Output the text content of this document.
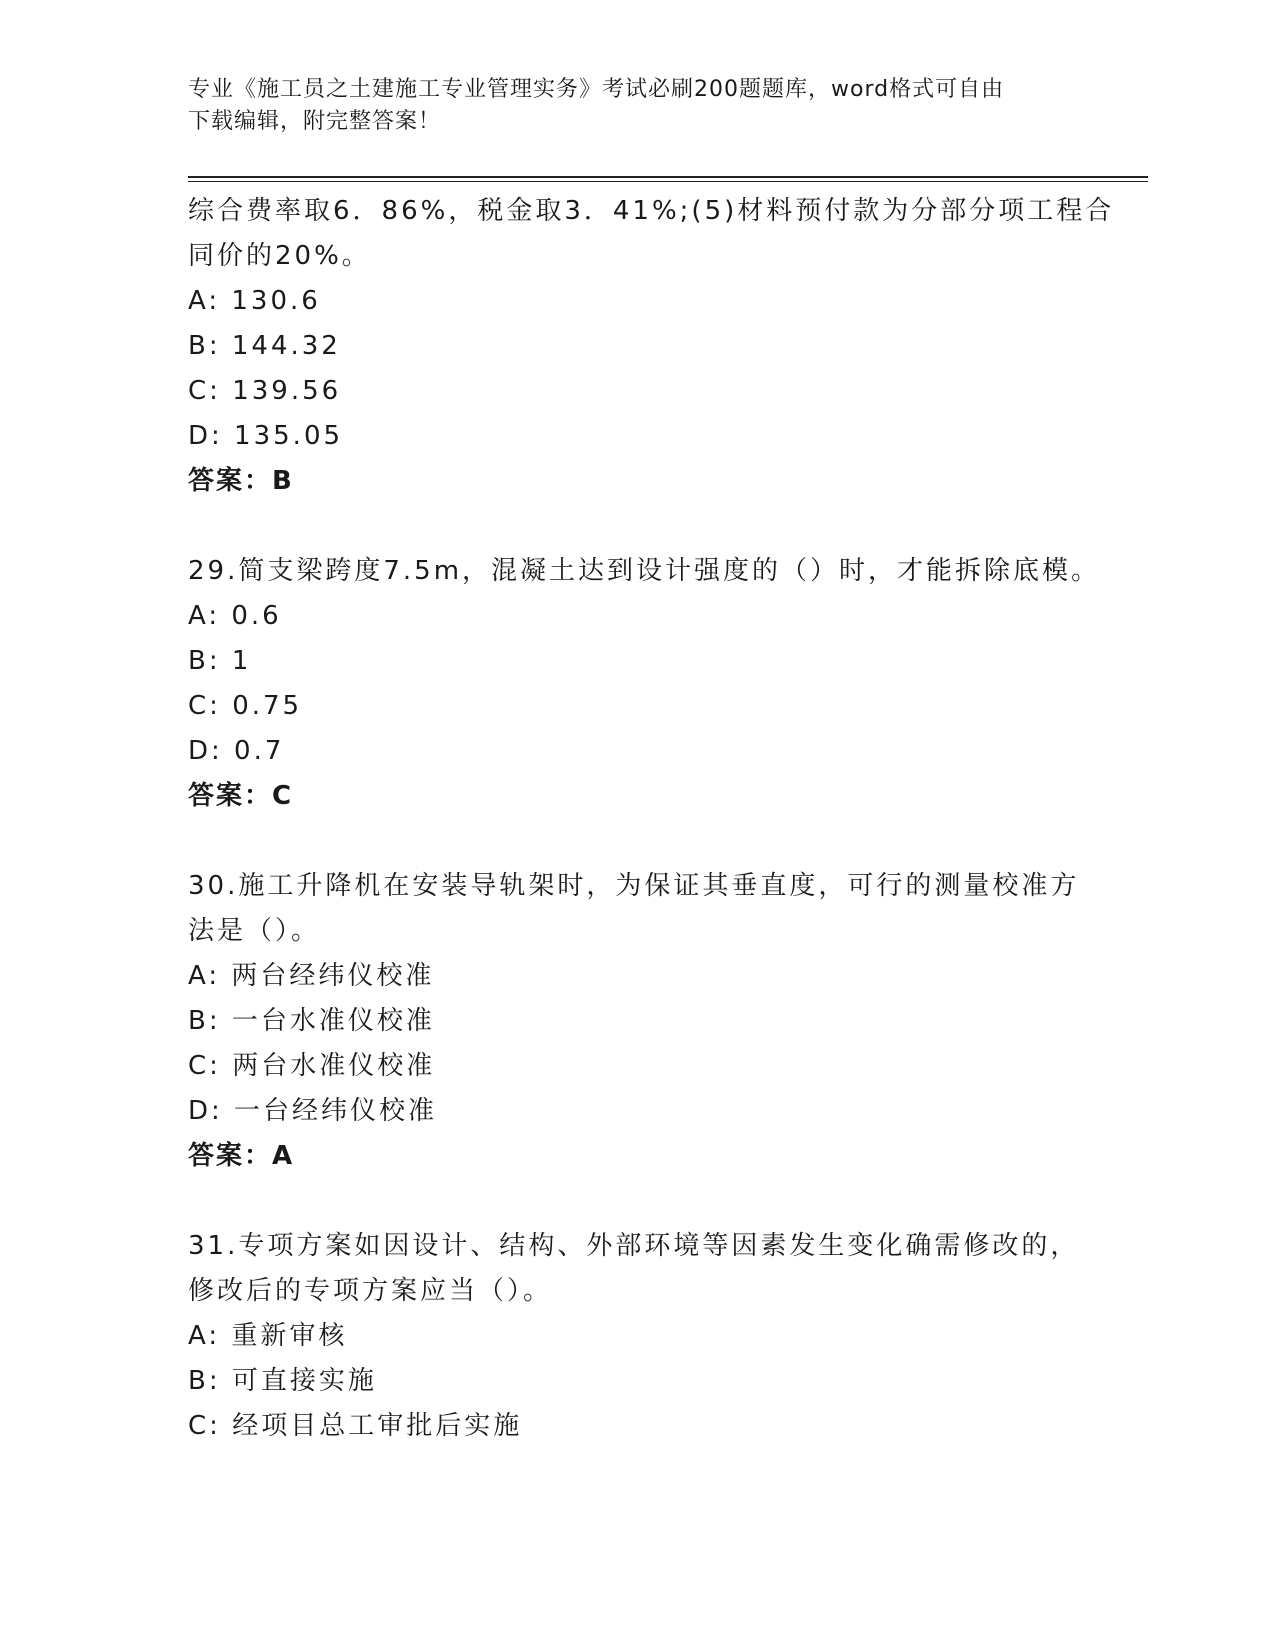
专业《施工员之土建施工专业管理实务》考试必刷200题题库，word格式可自由
下载编辑，附完整答案！
综合费率取6．86%，税金取3．41%;(5)材料预付款为分部分项工程合
同价的20%。
A: 130.6
B: 144.32
C: 139.56
D: 135.05
答案：B
29.简支梁跨度7.5m，混凝土达到设计强度的（）时，才能拆除底模。
A: 0.6
B: 1
C: 0.75
D: 0.7
答案：C
30.施工升降机在安装导轨架时，为保证其垂直度，可行的测量校准方
法是（）。
A: 两台经纬仪校准
B: 一台水准仪校准
C: 两台水准仪校准
D: 一台经纬仪校准
答案：A
31.专项方案如因设计、结构、外部环境等因素发生变化确需修改的，
修改后的专项方案应当（）。
A: 重新审核
B: 可直接实施
C: 经项目总工审批后实施
